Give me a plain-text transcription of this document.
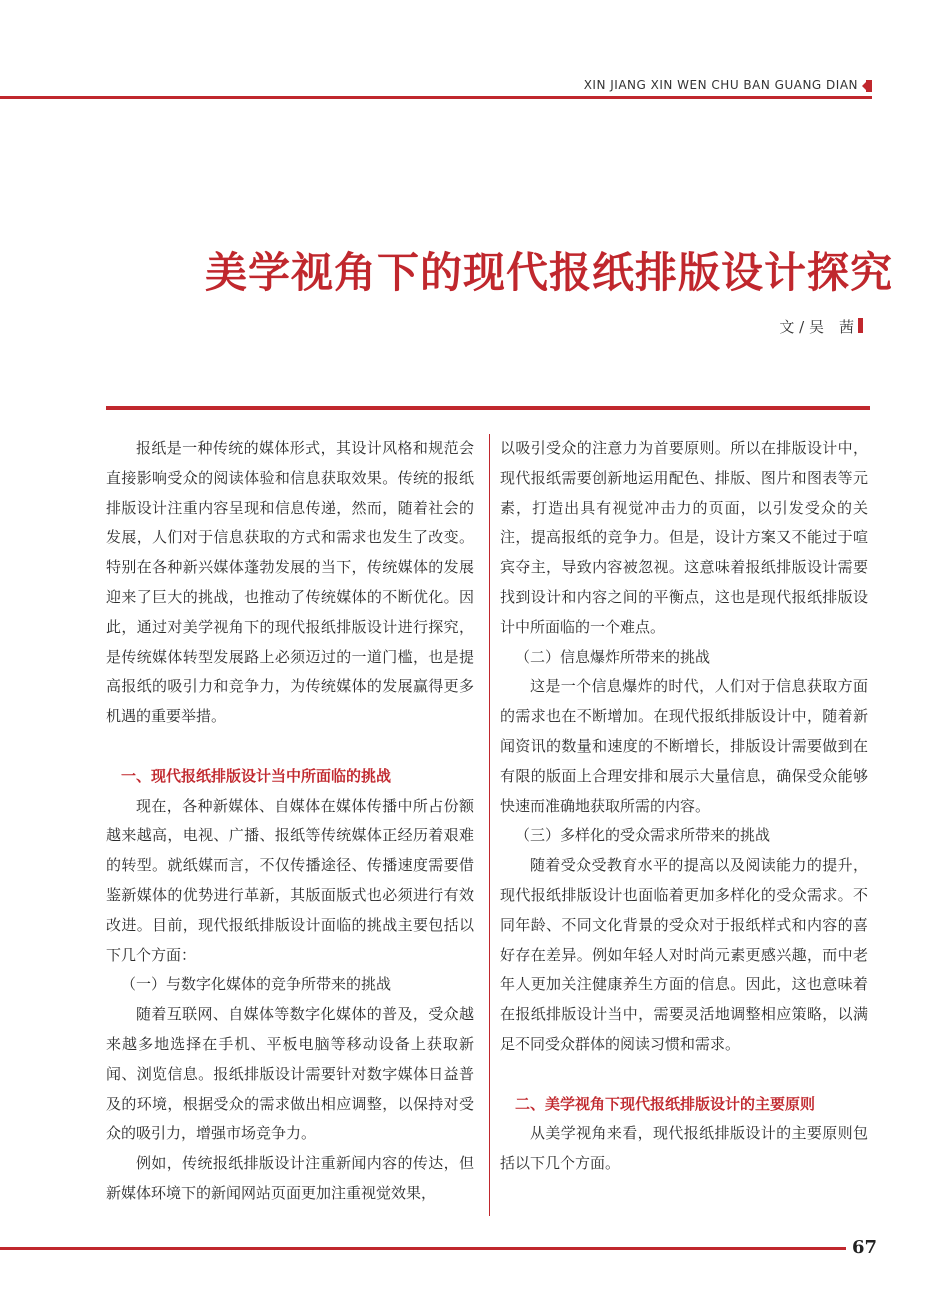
XIN JIANG XIN WEN CHU BAN GUANG DIAN
美学视角下的现代报纸排版设计探究
文 / 吴　茜

报纸是一种传统的媒体形式，其设计风格和规范会直接影响受众的阅读体验和信息获取效果。传统的报纸排版设计注重内容呈现和信息传递，然而，随着社会的发展，人们对于信息获取的方式和需求也发生了改变。特别在各种新兴媒体蓬勃发展的当下，传统媒体的发展迎来了巨大的挑战，也推动了传统媒体的不断优化。因此，通过对美学视角下的现代报纸排版设计进行探究，是传统媒体转型发展路上必须迈过的一道门槛，也是提高报纸的吸引力和竞争力，为传统媒体的发展赢得更多机遇的重要举措。

一、现代报纸排版设计当中所面临的挑战

现在，各种新媒体、自媒体在媒体传播中所占份额越来越高，电视、广播、报纸等传统媒体正经历着艰难的转型。就纸媒而言，不仅传播途径、传播速度需要借鉴新媒体的优势进行革新，其版面版式也必须进行有效改进。目前，现代报纸排版设计面临的挑战主要包括以下几个方面：

（一）与数字化媒体的竞争所带来的挑战

随着互联网、自媒体等数字化媒体的普及，受众越来越多地选择在手机、平板电脑等移动设备上获取新闻、浏览信息。报纸排版设计需要针对数字媒体日益普及的环境，根据受众的需求做出相应调整，以保持对受众的吸引力，增强市场竞争力。

例如，传统报纸排版设计注重新闻内容的传达，但新媒体环境下的新闻网站页面更加注重视觉效果，

以吸引受众的注意力为首要原则。所以在排版设计中，现代报纸需要创新地运用配色、排版、图片和图表等元素，打造出具有视觉冲击力的页面，以引发受众的关注，提高报纸的竞争力。但是，设计方案又不能过于喧宾夺主，导致内容被忽视。这意味着报纸排版设计需要找到设计和内容之间的平衡点，这也是现代报纸排版设计中所面临的一个难点。

（二）信息爆炸所带来的挑战

这是一个信息爆炸的时代，人们对于信息获取方面的需求也在不断增加。在现代报纸排版设计中，随着新闻资讯的数量和速度的不断增长，排版设计需要做到在有限的版面上合理安排和展示大量信息，确保受众能够快速而准确地获取所需的内容。

（三）多样化的受众需求所带来的挑战

随着受众受教育水平的提高以及阅读能力的提升，现代报纸排版设计也面临着更加多样化的受众需求。不同年龄、不同文化背景的受众对于报纸样式和内容的喜好存在差异。例如年轻人对时尚元素更感兴趣，而中老年人更加关注健康养生方面的信息。因此，这也意味着在报纸排版设计当中，需要灵活地调整相应策略，以满足不同受众群体的阅读习惯和需求。

二、美学视角下现代报纸排版设计的主要原则

从美学视角来看，现代报纸排版设计的主要原则包括以下几个方面。

67
